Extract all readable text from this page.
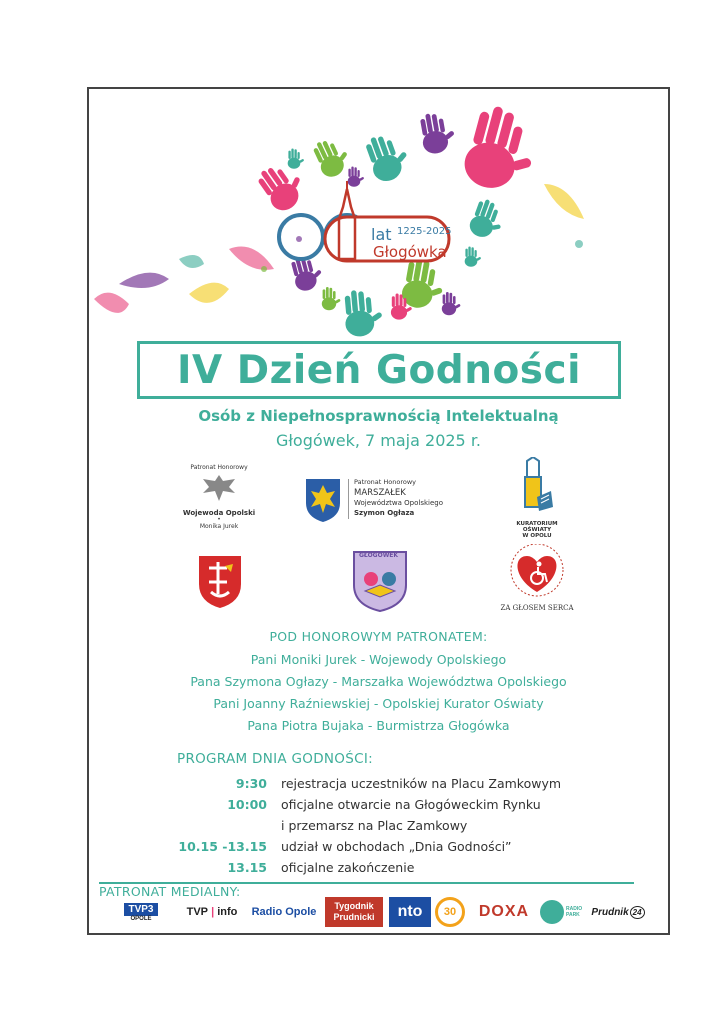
lat 1225-2025
Głogówka
IV Dzień Godności
Osób z Niepełnosprawnością Intelektualną
Głogówek, 7 maja 2025 r.
Patronat Honorowy
Wojewoda Opolski
•
Monika Jurek
Patronat Honorowy
MARSZAŁEK
Województwa Opolskiego
Szymon Ogłaza
KURATORIUM
OŚWIATY
W OPOLU
GŁOGÓWEK
ZA GŁOSEM SERCA
POD HONOROWYM PATRONATEM:
Pani Moniki Jurek - Wojewody Opolskiego
Pana Szymona Ogłazy - Marszałka Województwa Opolskiego
Pani Joanny Raźniewskiej - Opolskiej Kurator Oświaty
Pana Piotra Bujaka - Burmistrza Głogówka
PROGRAM DNIA GODNOŚCI:
9:30 rejestracja uczestników na Placu Zamkowym
10:00 oficjalne otwarcie na Głogóweckim Rynku
i przemarsz na Plac Zamkowy
10.15 -13.15 udział w obchodach „Dnia Godności”
13.15 oficjalne zakończenie
PATRONAT MEDIALNY:
TVP3
OPOLE
TVP | info Radio Opole Tygodnik
Prudnicki	nto	30	DOXA	RADIO PARK	Prudnik 24
